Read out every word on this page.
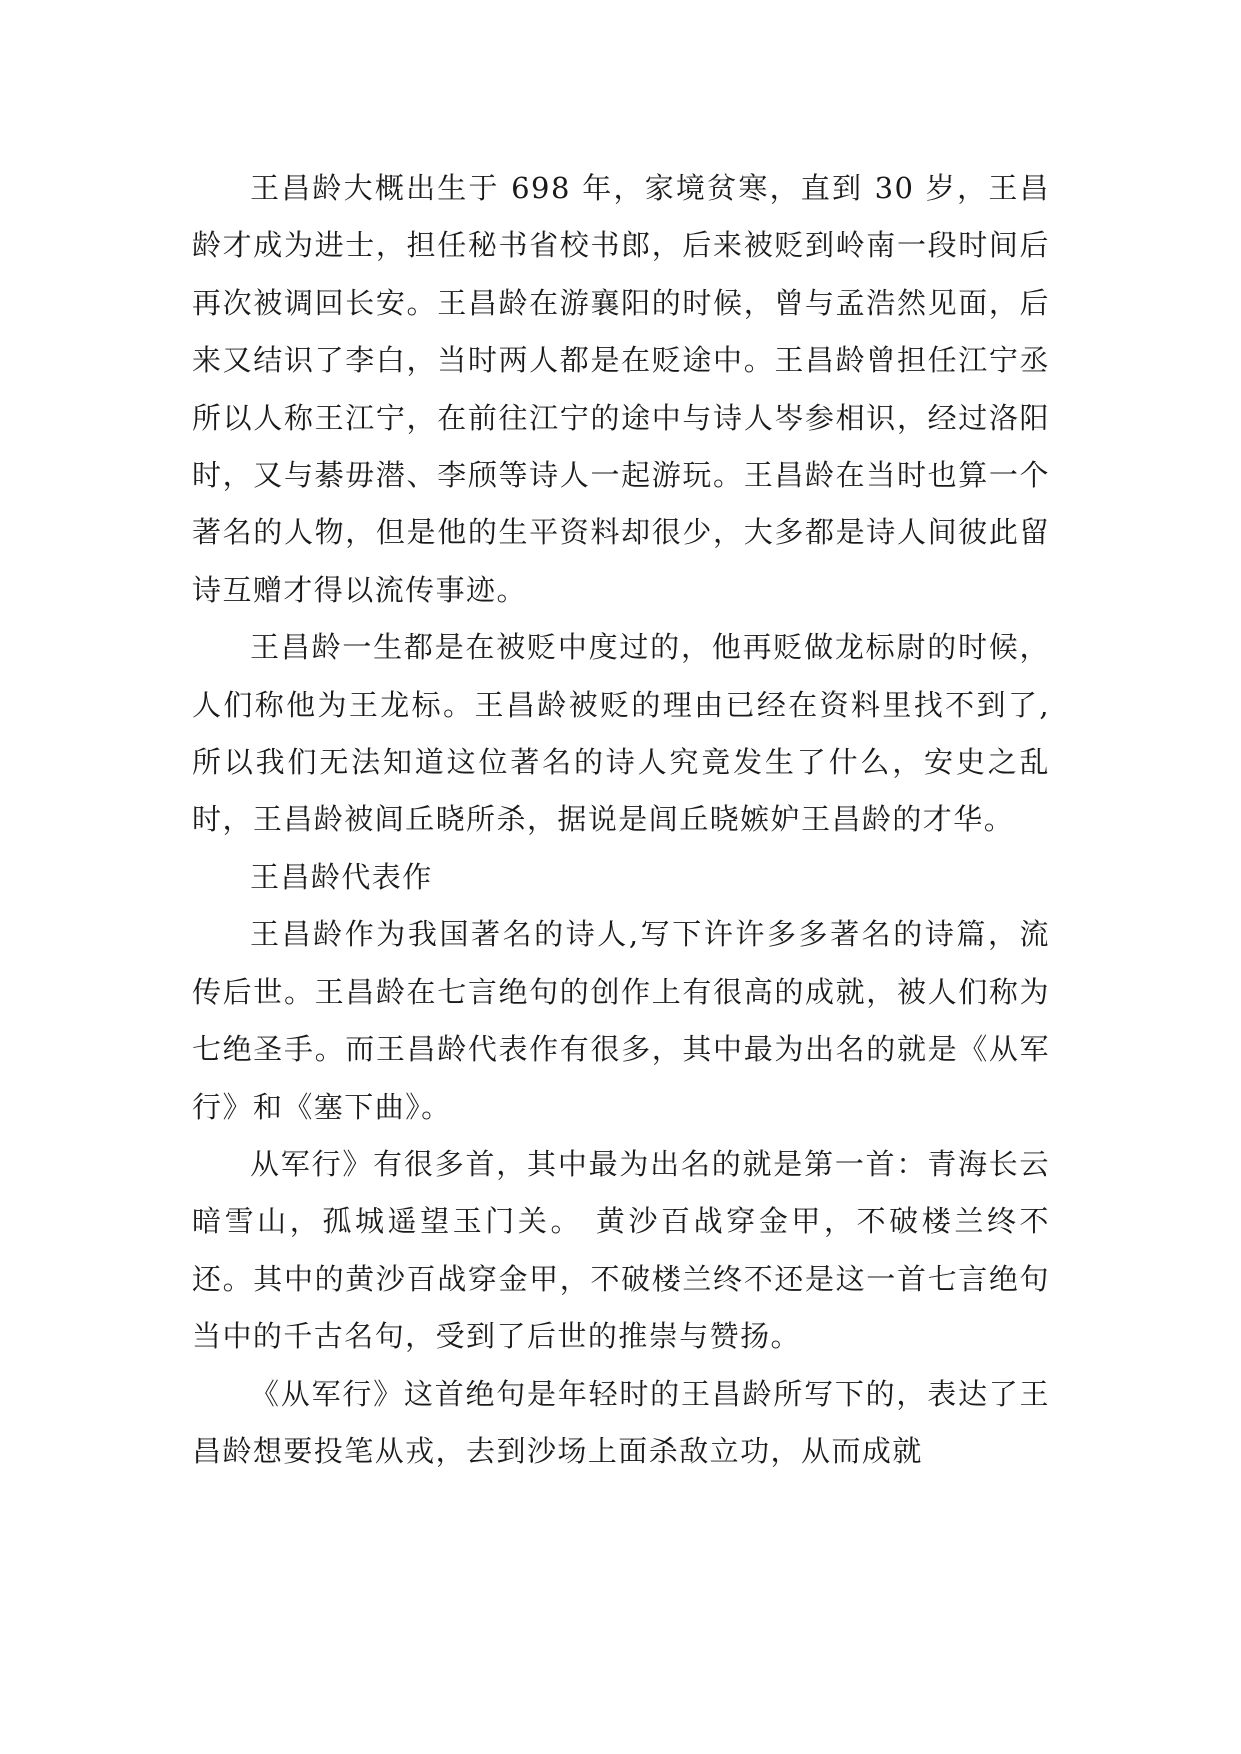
王昌龄大概出生于 698 年，家境贫寒，直到 30 岁，王昌龄才成为进士，担任秘书省校书郎，后来被贬到岭南一段时间后再次被调回长安。王昌龄在游襄阳的时候，曾与孟浩然见面，后来又结识了李白，当时两人都是在贬途中。王昌龄曾担任江宁丞所以人称王江宁，在前往江宁的途中与诗人岑参相识，经过洛阳时，又与綦毋潜、李颀等诗人一起游玩。王昌龄在当时也算一个著名的人物，但是他的生平资料却很少，大多都是诗人间彼此留诗互赠才得以流传事迹。

王昌龄一生都是在被贬中度过的，他再贬做龙标尉的时候，人们称他为王龙标。王昌龄被贬的理由已经在资料里找不到了,所以我们无法知道这位著名的诗人究竟发生了什么，安史之乱时，王昌龄被闾丘晓所杀，据说是闾丘晓嫉妒王昌龄的才华。

王昌龄代表作

王昌龄作为我国著名的诗人,写下许许多多著名的诗篇，流传后世。王昌龄在七言绝句的创作上有很高的成就，被人们称为七绝圣手。而王昌龄代表作有很多，其中最为出名的就是《从军行》和《塞下曲》。

从军行》有很多首，其中最为出名的就是第一首：青海长云暗雪山，孤城遥望玉门关。 黄沙百战穿金甲，不破楼兰终不还。其中的黄沙百战穿金甲，不破楼兰终不还是这一首七言绝句当中的千古名句，受到了后世的推崇与赞扬。

《从军行》这首绝句是年轻时的王昌龄所写下的，表达了王昌龄想要投笔从戎，去到沙场上面杀敌立功，从而成就
